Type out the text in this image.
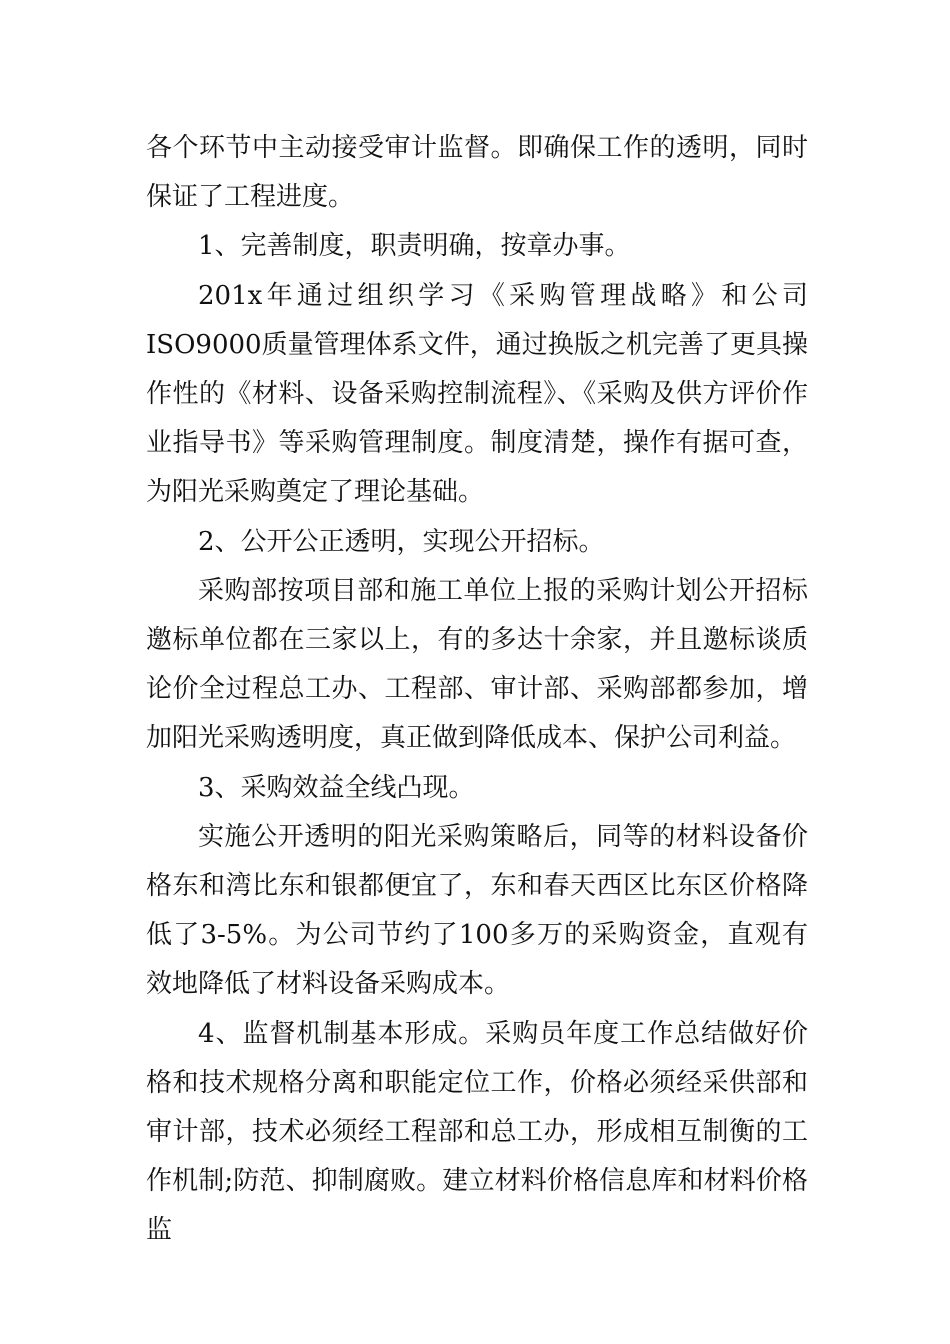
各个环节中主动接受审计监督。即确保工作的透明，同时保证了工程进度。

1、完善制度，职责明确，按章办事。

201x年通过组织学习《采购管理战略》和公司ISO9000质量管理体系文件，通过换版之机完善了更具操作性的《材料、设备采购控制流程》、《采购及供方评价作业指导书》等采购管理制度。制度清楚，操作有据可查，为阳光采购奠定了理论基础。

2、公开公正透明，实现公开招标。

采购部按项目部和施工单位上报的采购计划公开招标邀标单位都在三家以上，有的多达十余家，并且邀标谈质论价全过程总工办、工程部、审计部、采购部都参加，增加阳光采购透明度，真正做到降低成本、保护公司利益。

3、采购效益全线凸现。

实施公开透明的阳光采购策略后，同等的材料设备价格东和湾比东和银都便宜了，东和春天西区比东区价格降低了3-5%。为公司节约了100多万的采购资金，直观有效地降低了材料设备采购成本。

4、监督机制基本形成。采购员年度工作总结做好价格和技术规格分离和职能定位工作，价格必须经采供部和审计部，技术必须经工程部和总工办，形成相互制衡的工作机制;防范、抑制腐败。建立材料价格信息库和材料价格监
